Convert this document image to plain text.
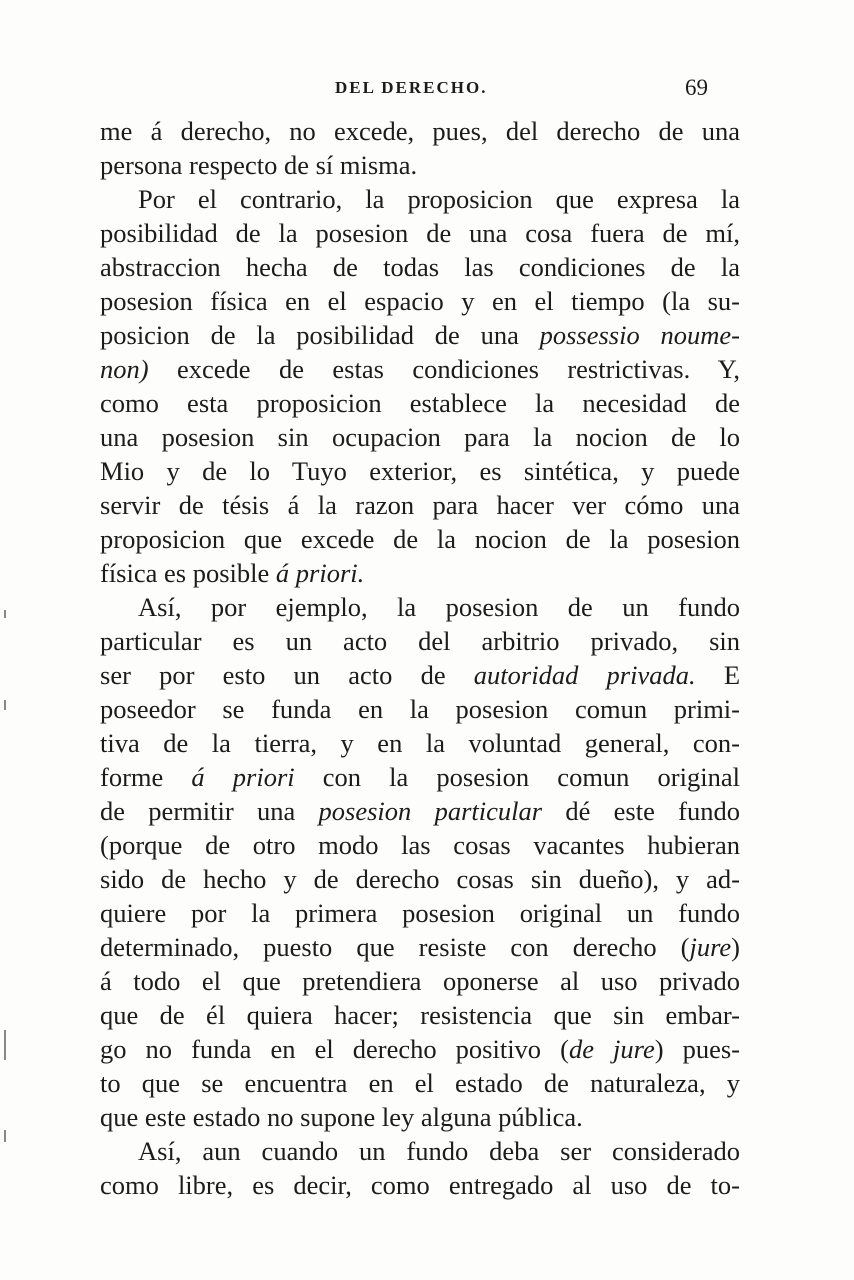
DEL DERECHO.	69
me á derecho, no excede, pues, del derecho de una
persona respecto de sí misma.
Por el contrario, la proposicion que expresa la
posibilidad de la posesion de una cosa fuera de mí,
abstraccion hecha de todas las condiciones de la
posesion física en el espacio y en el tiempo (la su-
posicion de la posibilidad de una possessio noume-
non) excede de estas condiciones restrictivas. Y,
como esta proposicion establece la necesidad de
una posesion sin ocupacion para la nocion de lo
Mio y de lo Tuyo exterior, es sintética, y puede
servir de tésis á la razon para hacer ver cómo una
proposicion que excede de la nocion de la posesion
física es posible á priori.
Así, por ejemplo, la posesion de un fundo
particular es un acto del arbitrio privado, sin
ser por esto un acto de autoridad privada. E
poseedor se funda en la posesion comun primi-
tiva de la tierra, y en la voluntad general, con-
forme á priori con la posesion comun original
de permitir una posesion particular dé este fundo
(porque de otro modo las cosas vacantes hubieran
sido de hecho y de derecho cosas sin dueño), y ad-
quiere por la primera posesion original un fundo
determinado, puesto que resiste con derecho (jure)
á todo el que pretendiera oponerse al uso privado
que de él quiera hacer; resistencia que sin embar-
go no funda en el derecho positivo (de jure) pues-
to que se encuentra en el estado de naturaleza, y
que este estado no supone ley alguna pública.
Así, aun cuando un fundo deba ser considerado
como libre, es decir, como entregado al uso de to-
